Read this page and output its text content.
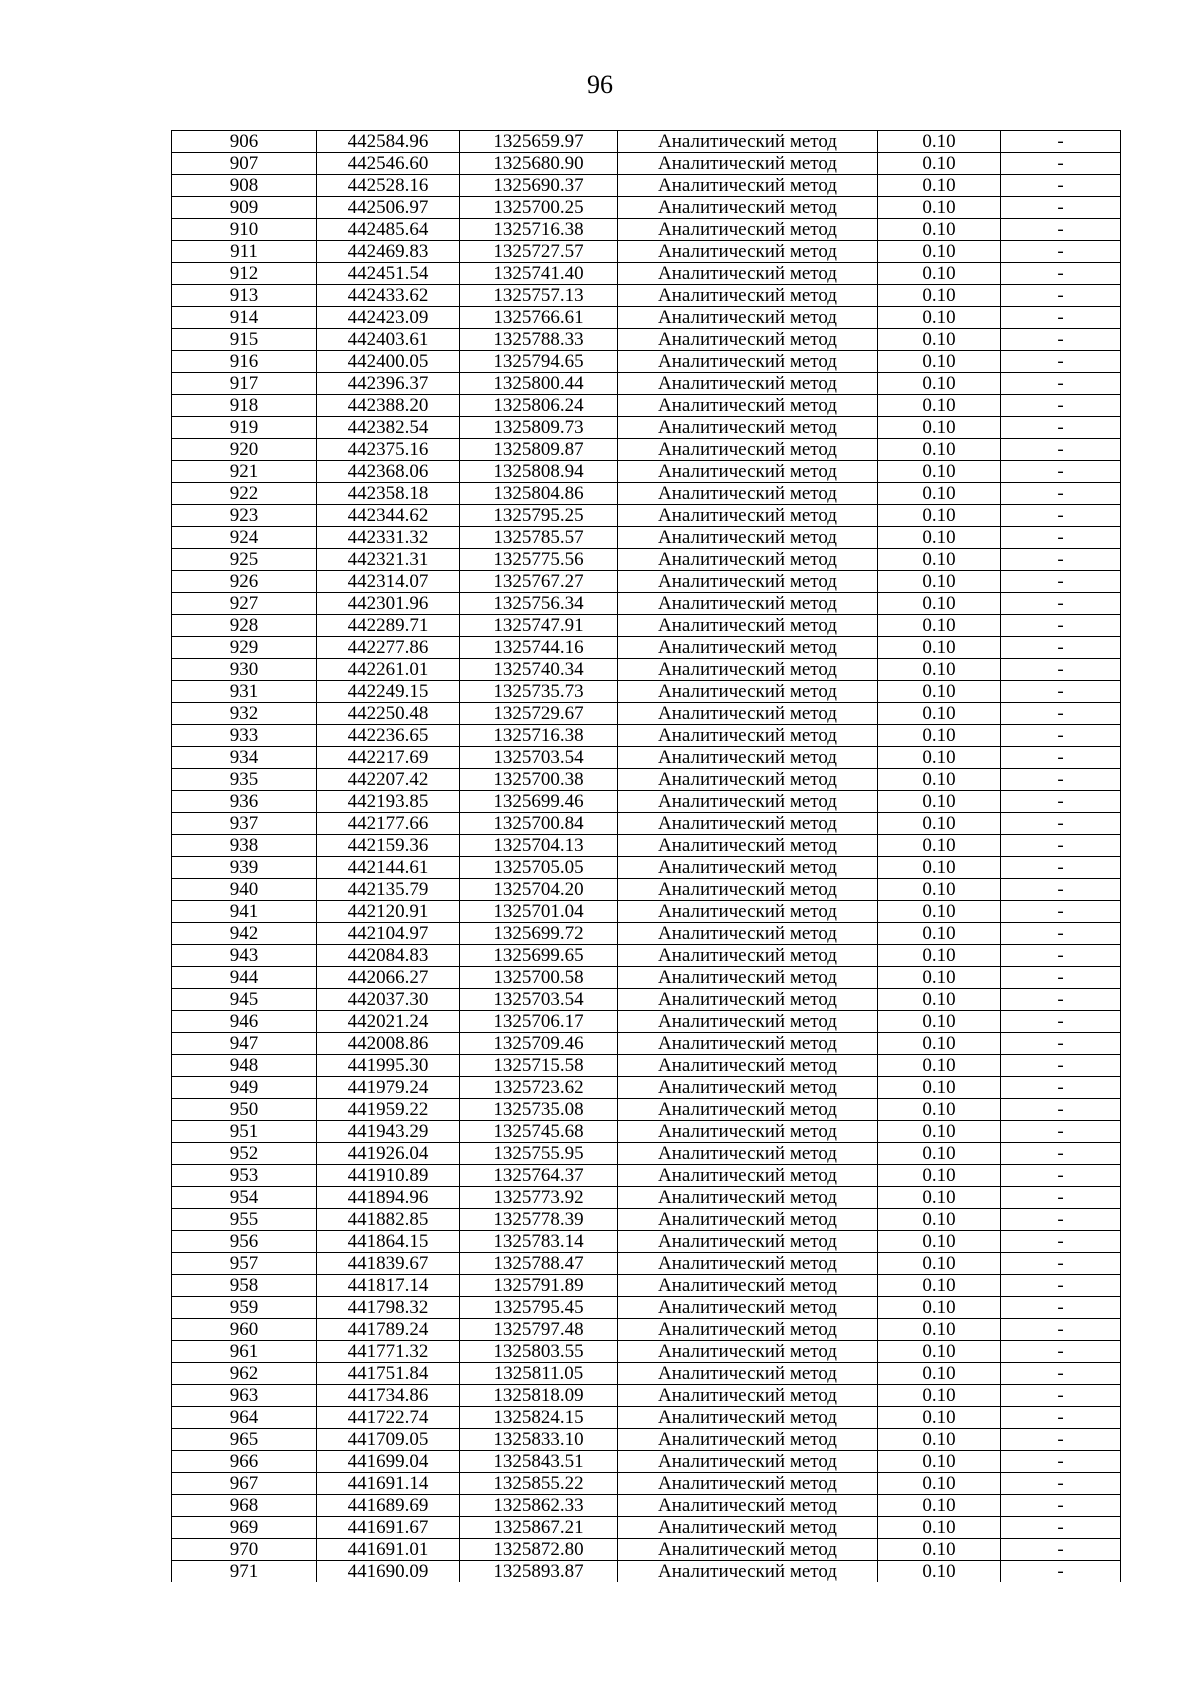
96
906	442584.96	1325659.97	Аналитический метод	0.10	-
907	442546.60	1325680.90	Аналитический метод	0.10	-
908	442528.16	1325690.37	Аналитический метод	0.10	-
909	442506.97	1325700.25	Аналитический метод	0.10	-
910	442485.64	1325716.38	Аналитический метод	0.10	-
911	442469.83	1325727.57	Аналитический метод	0.10	-
912	442451.54	1325741.40	Аналитический метод	0.10	-
913	442433.62	1325757.13	Аналитический метод	0.10	-
914	442423.09	1325766.61	Аналитический метод	0.10	-
915	442403.61	1325788.33	Аналитический метод	0.10	-
916	442400.05	1325794.65	Аналитический метод	0.10	-
917	442396.37	1325800.44	Аналитический метод	0.10	-
918	442388.20	1325806.24	Аналитический метод	0.10	-
919	442382.54	1325809.73	Аналитический метод	0.10	-
920	442375.16	1325809.87	Аналитический метод	0.10	-
921	442368.06	1325808.94	Аналитический метод	0.10	-
922	442358.18	1325804.86	Аналитический метод	0.10	-
923	442344.62	1325795.25	Аналитический метод	0.10	-
924	442331.32	1325785.57	Аналитический метод	0.10	-
925	442321.31	1325775.56	Аналитический метод	0.10	-
926	442314.07	1325767.27	Аналитический метод	0.10	-
927	442301.96	1325756.34	Аналитический метод	0.10	-
928	442289.71	1325747.91	Аналитический метод	0.10	-
929	442277.86	1325744.16	Аналитический метод	0.10	-
930	442261.01	1325740.34	Аналитический метод	0.10	-
931	442249.15	1325735.73	Аналитический метод	0.10	-
932	442250.48	1325729.67	Аналитический метод	0.10	-
933	442236.65	1325716.38	Аналитический метод	0.10	-
934	442217.69	1325703.54	Аналитический метод	0.10	-
935	442207.42	1325700.38	Аналитический метод	0.10	-
936	442193.85	1325699.46	Аналитический метод	0.10	-
937	442177.66	1325700.84	Аналитический метод	0.10	-
938	442159.36	1325704.13	Аналитический метод	0.10	-
939	442144.61	1325705.05	Аналитический метод	0.10	-
940	442135.79	1325704.20	Аналитический метод	0.10	-
941	442120.91	1325701.04	Аналитический метод	0.10	-
942	442104.97	1325699.72	Аналитический метод	0.10	-
943	442084.83	1325699.65	Аналитический метод	0.10	-
944	442066.27	1325700.58	Аналитический метод	0.10	-
945	442037.30	1325703.54	Аналитический метод	0.10	-
946	442021.24	1325706.17	Аналитический метод	0.10	-
947	442008.86	1325709.46	Аналитический метод	0.10	-
948	441995.30	1325715.58	Аналитический метод	0.10	-
949	441979.24	1325723.62	Аналитический метод	0.10	-
950	441959.22	1325735.08	Аналитический метод	0.10	-
951	441943.29	1325745.68	Аналитический метод	0.10	-
952	441926.04	1325755.95	Аналитический метод	0.10	-
953	441910.89	1325764.37	Аналитический метод	0.10	-
954	441894.96	1325773.92	Аналитический метод	0.10	-
955	441882.85	1325778.39	Аналитический метод	0.10	-
956	441864.15	1325783.14	Аналитический метод	0.10	-
957	441839.67	1325788.47	Аналитический метод	0.10	-
958	441817.14	1325791.89	Аналитический метод	0.10	-
959	441798.32	1325795.45	Аналитический метод	0.10	-
960	441789.24	1325797.48	Аналитический метод	0.10	-
961	441771.32	1325803.55	Аналитический метод	0.10	-
962	441751.84	1325811.05	Аналитический метод	0.10	-
963	441734.86	1325818.09	Аналитический метод	0.10	-
964	441722.74	1325824.15	Аналитический метод	0.10	-
965	441709.05	1325833.10	Аналитический метод	0.10	-
966	441699.04	1325843.51	Аналитический метод	0.10	-
967	441691.14	1325855.22	Аналитический метод	0.10	-
968	441689.69	1325862.33	Аналитический метод	0.10	-
969	441691.67	1325867.21	Аналитический метод	0.10	-
970	441691.01	1325872.80	Аналитический метод	0.10	-
971	441690.09	1325893.87	Аналитический метод	0.10	-
